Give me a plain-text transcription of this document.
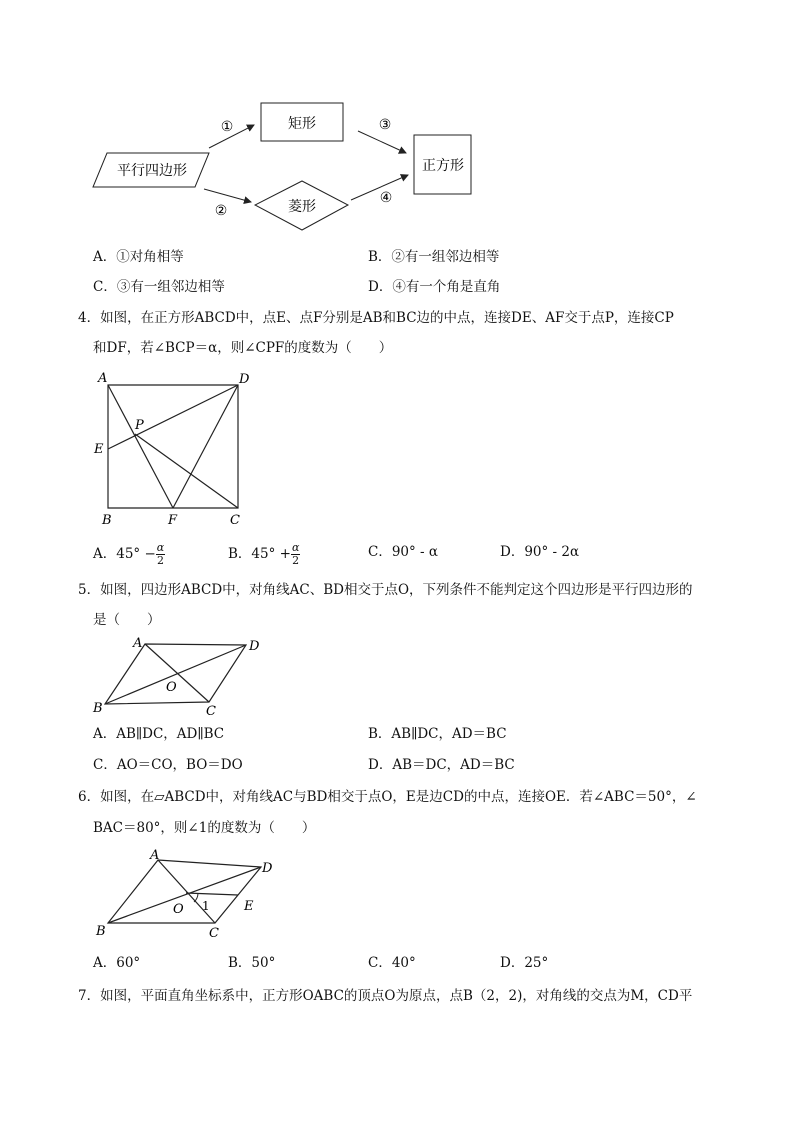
平行四边形
矩形
菱形
正方形
①
②
③
④
A．①对角相等	B．②有一组邻边相等
C．③有一组邻边相等	D．④有一个角是直角
4．如图，在正方形ABCD中，点E、点F分别是AB和BC边的中点，连接DE、AF交于点P，连接CP
和DF，若∠BCP＝α，则∠CPF的度数为（　　）
A	D
E
P
B	F	C
A．$45^\circ - \frac{\alpha}{2}$	B．$45^\circ + \frac{\alpha}{2}$	C．90° - α	D．90° - 2α
5．如图，四边形ABCD中，对角线AC、BD相交于点O，下列条件不能判定这个四边形是平行四边形的
是（　　）
A	D
O
B	C
A．AB∥DC，AD∥BC	B．AB∥DC，AD＝BC
C．AO＝CO，BO＝DO	D．AB＝DC，AD＝BC
6．如图，在▱ABCD中，对角线AC与BD相交于点O，E是边CD的中点，连接OE．若∠ABC＝50°，∠
BAC＝80°，则∠1的度数为（　　）
A
D
O 1	E
B	C
A．60°	B．50°	C．40°	D．25°
7．如图，平面直角坐标系中，正方形OABC的顶点O为原点，点B（2，2)，对角线的交点为M，CD平
